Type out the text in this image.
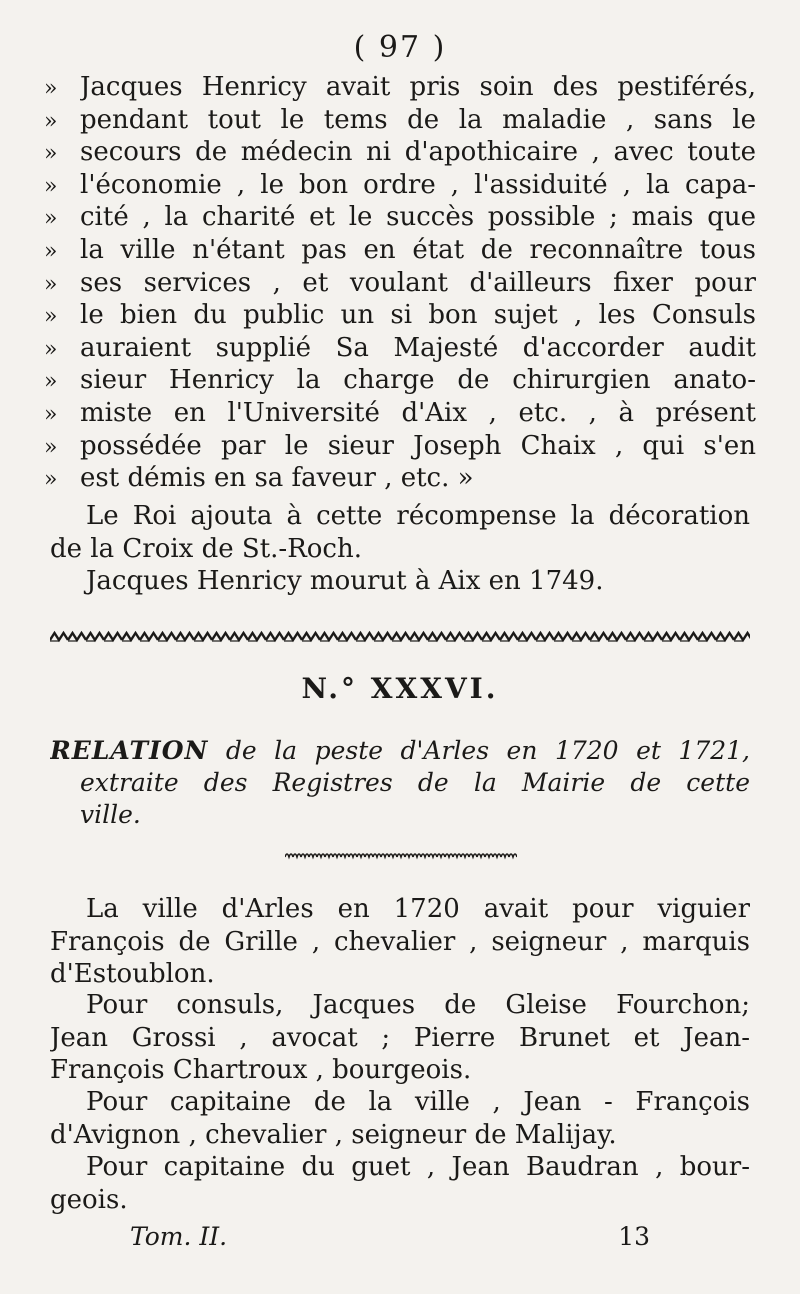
( 97 )
» Jacques Henricy avait pris soin des pestiférés,
» pendant tout le tems de la maladie , sans le
» secours de médecin ni d'apothicaire , avec toute
» l'économie , le bon ordre , l'assiduité , la capa-
» cité , la charité et le succès possible ; mais que
» la ville n'étant pas en état de reconnaître tous
» ses services , et voulant d'ailleurs fixer pour
» le bien du public un si bon sujet , les Consuls
» auraient supplié Sa Majesté d'accorder audit
» sieur Henricy la charge de chirurgien anato-
» miste en l'Université d'Aix , etc. , à présent
» possédée par le sieur Joseph Chaix , qui s'en
» est démis en sa faveur , etc. »
Le Roi ajouta à cette récompense la décoration
de la Croix de St.-Roch.
Jacques Henricy mourut à Aix en 1749.
N.° XXXVI.
RELATION de la peste d'Arles en 1720 et 1721,
extraite des Registres de la Mairie de cette
ville.
La ville d'Arles en 1720 avait pour viguier
François de Grille , chevalier , seigneur , marquis
d'Estoublon.
Pour consuls, Jacques de Gleise Fourchon;
Jean Grossi , avocat ; Pierre Brunet et Jean-
François Chartroux , bourgeois.
Pour capitaine de la ville , Jean - François
d'Avignon , chevalier , seigneur de Malijay.
Pour capitaine du guet , Jean Baudran , bour-
geois.
Tom. II.	13
